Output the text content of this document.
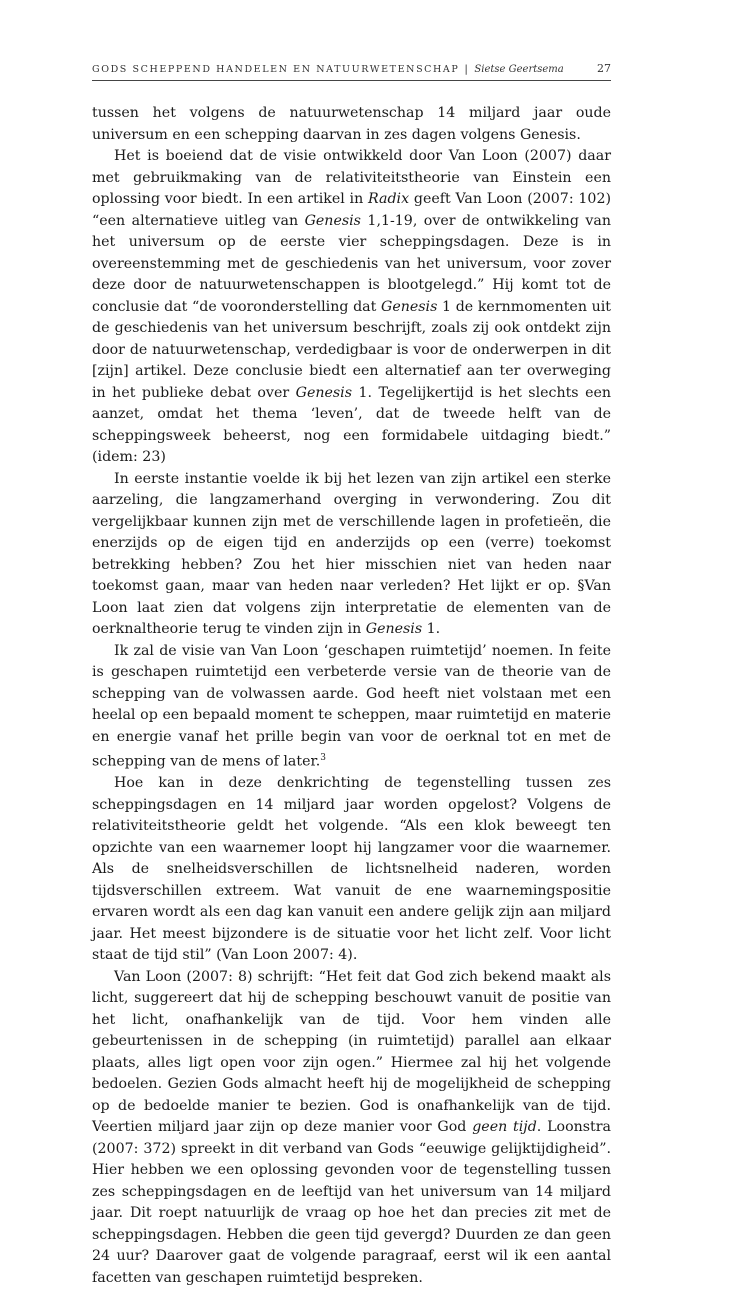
GODS SCHEPPEND HANDELEN EN NATUURWETENSCHAP | Sietse Geertsema	27

tussen het volgens de natuurwetenschap 14 miljard jaar oude universum en een schepping daarvan in zes dagen volgens Genesis.

Het is boeiend dat de visie ontwikkeld door Van Loon (2007) daar met gebruikmaking van de relativiteitstheorie van Einstein een oplossing voor biedt. In een artikel in Radix geeft Van Loon (2007: 102) “een alternatieve uitleg van Genesis 1,1-19, over de ontwikkeling van het universum op de eerste vier scheppingsdagen. Deze is in overeenstemming met de geschiedenis van het universum, voor zover deze door de natuurwetenschappen is blootgelegd.” Hij komt tot de conclusie dat “de vooronderstelling dat Genesis 1 de kernmomenten uit de geschiedenis van het universum beschrijft, zoals zij ook ontdekt zijn door de natuurwetenschap, verdedigbaar is voor de onderwerpen in dit [zijn] artikel. Deze conclusie biedt een alternatief aan ter overweging in het publieke debat over Genesis 1. Tegelijkertijd is het slechts een aanzet, omdat het thema ‘leven’, dat de tweede helft van de scheppingsweek beheerst, nog een formidabele uitdaging biedt.” (idem: 23)

In eerste instantie voelde ik bij het lezen van zijn artikel een sterke aarzeling, die langzamerhand overging in verwondering. Zou dit vergelijkbaar kunnen zijn met de verschillende lagen in profetieën, die enerzijds op de eigen tijd en anderzijds op een (verre) toekomst betrekking hebben? Zou het hier misschien niet van heden naar toekomst gaan, maar van heden naar verleden? Het lijkt er op. §Van Loon laat zien dat volgens zijn interpretatie de elementen van de oerknaltheorie terug te vinden zijn in Genesis 1.

Ik zal de visie van Van Loon ‘geschapen ruimtetijd’ noemen. In feite is geschapen ruimtetijd een verbeterde versie van de theorie van de schepping van de volwassen aarde. God heeft niet volstaan met een heelal op een bepaald moment te scheppen, maar ruimtetijd en materie en energie vanaf het prille begin van voor de oerknal tot en met de schepping van de mens of later.$^3$

Hoe kan in deze denkrichting de tegenstelling tussen zes scheppingsdagen en 14 miljard jaar worden opgelost? Volgens de relativiteitstheorie geldt het volgende. “Als een klok beweegt ten opzichte van een waarnemer loopt hij langzamer voor die waarnemer. Als de snelheidsverschillen de lichtsnelheid naderen, worden tijdsverschillen extreem. Wat vanuit de ene waarnemingspositie ervaren wordt als een dag kan vanuit een andere gelijk zijn aan miljard jaar. Het meest bijzondere is de situatie voor het licht zelf. Voor licht staat de tijd stil” (Van Loon 2007: 4).

Van Loon (2007: 8) schrijft: “Het feit dat God zich bekend maakt als licht, suggereert dat hij de schepping beschouwt vanuit de positie van het licht, onafhankelijk van de tijd. Voor hem vinden alle gebeurtenissen in de schepping (in ruimtetijd) parallel aan elkaar plaats, alles ligt open voor zijn ogen.” Hiermee zal hij het volgende bedoelen. Gezien Gods almacht heeft hij de mogelijkheid de schepping op de bedoelde manier te bezien. God is onafhankelijk van de tijd. Veertien miljard jaar zijn op deze manier voor God geen tijd. Loonstra (2007: 372) spreekt in dit verband van Gods “eeuwige gelijktijdigheid”. Hier hebben we een oplossing gevonden voor de tegenstelling tussen zes scheppingsdagen en de leeftijd van het universum van 14 miljard jaar. Dit roept natuurlijk de vraag op hoe het dan precies zit met de scheppingsdagen. Hebben die geen tijd gevergd? Duurden ze dan geen 24 uur? Daarover gaat de volgende paragraaf, eerst wil ik een aantal facetten van geschapen ruimtetijd bespreken.
